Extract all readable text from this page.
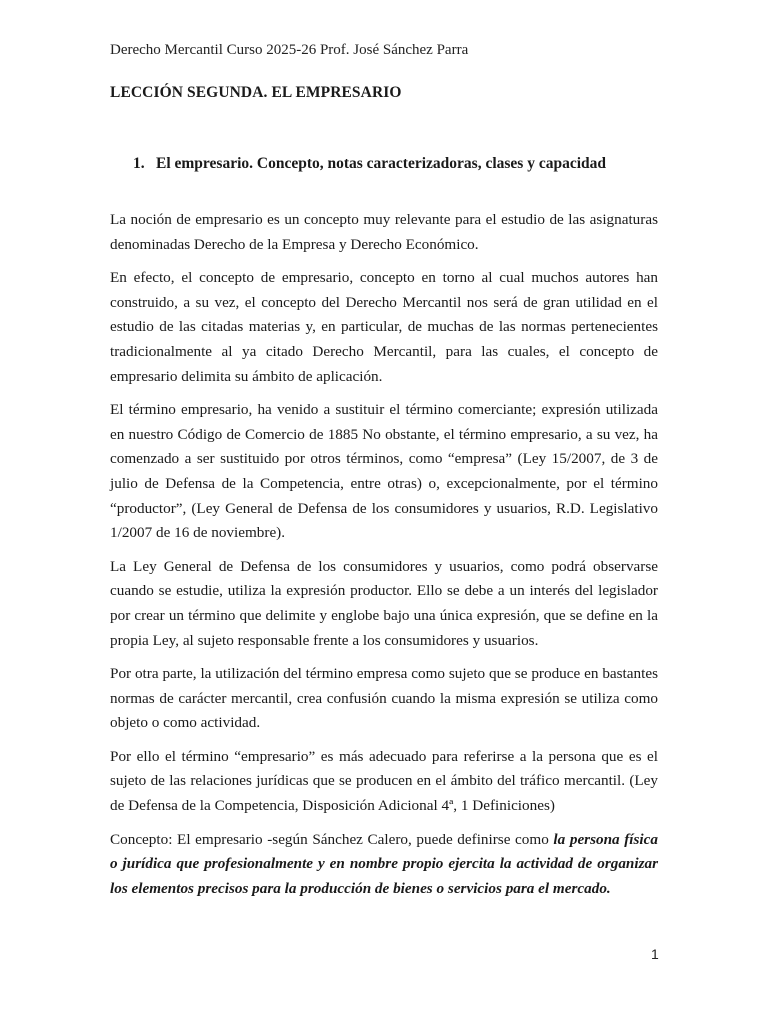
Derecho Mercantil Curso 2025-26 Prof. José Sánchez Parra
LECCIÓN SEGUNDA. EL EMPRESARIO
1. El empresario. Concepto, notas caracterizadoras, clases y capacidad

La noción de empresario es un concepto muy relevante para el estudio de las asignaturas denominadas Derecho de la Empresa y Derecho Económico.

En efecto, el concepto de empresario, concepto en torno al cual muchos autores han construido, a su vez, el concepto del Derecho Mercantil nos será de gran utilidad en el estudio de las citadas materias y, en particular, de muchas de las normas pertenecientes tradicionalmente al ya citado Derecho Mercantil, para las cuales, el concepto de empresario delimita su ámbito de aplicación.

El término empresario, ha venido a sustituir el término comerciante; expresión utilizada en nuestro Código de Comercio de 1885 No obstante, el término empresario, a su vez, ha comenzado a ser sustituido por otros términos, como “empresa” (Ley 15/2007, de 3 de julio de Defensa de la Competencia, entre otras) o, excepcionalmente, por el término “productor”, (Ley General de Defensa de los consumidores y usuarios, R.D. Legislativo 1/2007 de 16 de noviembre).

La Ley General de Defensa de los consumidores y usuarios, como podrá observarse cuando se estudie, utiliza la expresión productor. Ello se debe a un interés del legislador por crear un término que delimite y englobe bajo una única expresión, que se define en la propia Ley, al sujeto responsable frente a los consumidores y usuarios.

Por otra parte, la utilización del término empresa como sujeto que se produce en bastantes normas de carácter mercantil, crea confusión cuando la misma expresión se utiliza como objeto o como actividad.

Por ello el término “empresario” es más adecuado para referirse a la persona que es el sujeto de las relaciones jurídicas que se producen en el ámbito del tráfico mercantil. (Ley de Defensa de la Competencia, Disposición Adicional 4ª, 1 Definiciones)

Concepto: El empresario -según Sánchez Calero, puede definirse como la persona física o jurídica que profesionalmente y en nombre propio ejercita la actividad de organizar los elementos precisos para la producción de bienes o servicios para el mercado.

1
